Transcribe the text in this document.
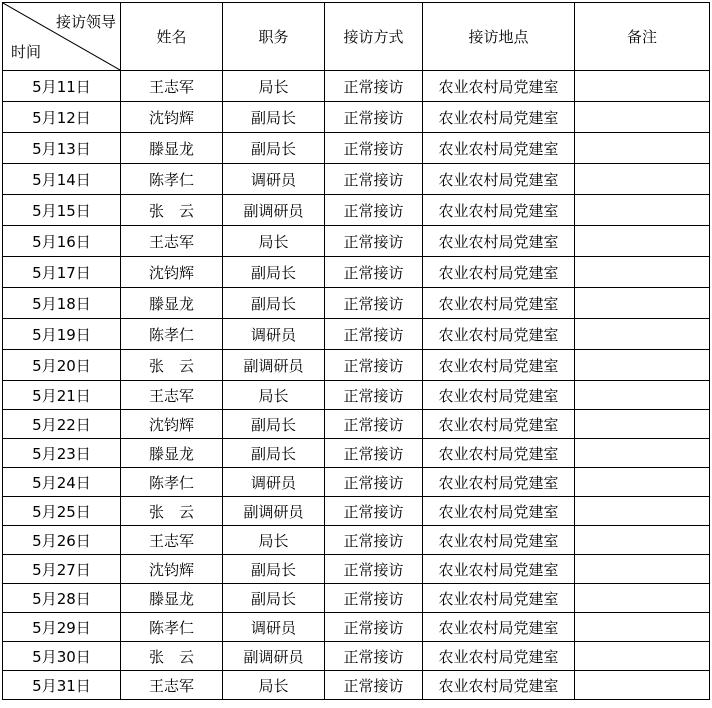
接访领导
时间	姓名	职务	接访方式	接访地点	备注
5月11日	王志军	局长	正常接访	农业农村局党建室	
5月12日	沈钧辉	副局长	正常接访	农业农村局党建室	
5月13日	滕显龙	副局长	正常接访	农业农村局党建室	
5月14日	陈孝仁	调研员	正常接访	农业农村局党建室	
5月15日	张　云	副调研员	正常接访	农业农村局党建室	
5月16日	王志军	局长	正常接访	农业农村局党建室	
5月17日	沈钧辉	副局长	正常接访	农业农村局党建室	
5月18日	滕显龙	副局长	正常接访	农业农村局党建室	
5月19日	陈孝仁	调研员	正常接访	农业农村局党建室	
5月20日	张　云	副调研员	正常接访	农业农村局党建室	
5月21日	王志军	局长	正常接访	农业农村局党建室	
5月22日	沈钧辉	副局长	正常接访	农业农村局党建室	
5月23日	滕显龙	副局长	正常接访	农业农村局党建室	
5月24日	陈孝仁	调研员	正常接访	农业农村局党建室	
5月25日	张　云	副调研员	正常接访	农业农村局党建室	
5月26日	王志军	局长	正常接访	农业农村局党建室	
5月27日	沈钧辉	副局长	正常接访	农业农村局党建室	
5月28日	滕显龙	副局长	正常接访	农业农村局党建室	
5月29日	陈孝仁	调研员	正常接访	农业农村局党建室	
5月30日	张　云	副调研员	正常接访	农业农村局党建室	
5月31日	王志军	局长	正常接访	农业农村局党建室	
